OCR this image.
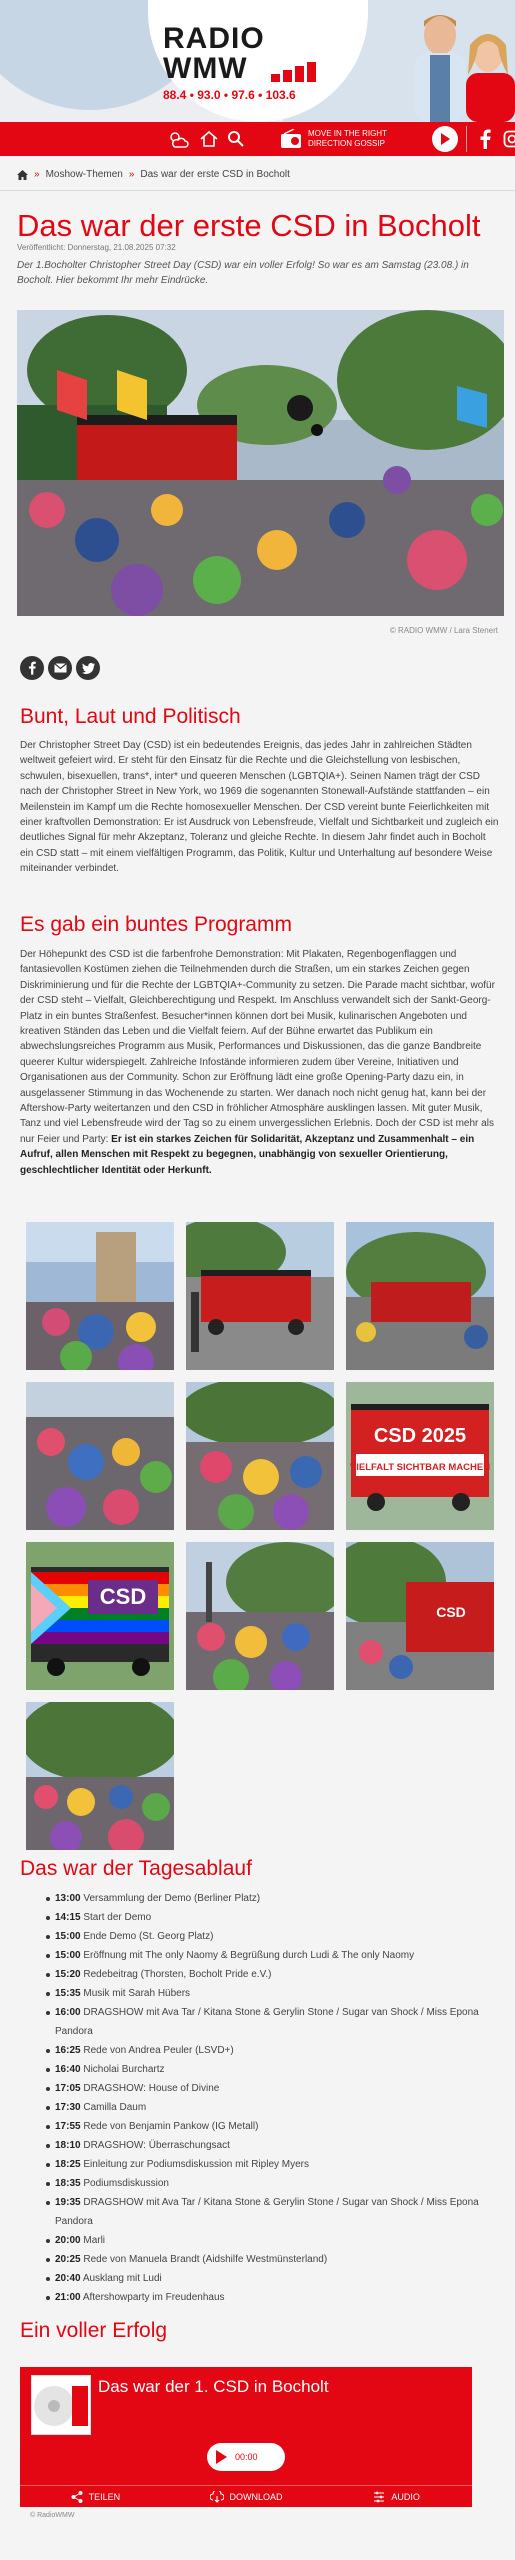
RADIO
WMW
88.4 • 93.0 • 97.6 • 103.6
MOVE IN THE RIGHT DIRECTION GOSSIP
» Moshow-Themen » Das war der erste CSD in Bocholt
Das war der erste CSD in Bocholt
Veröffentlicht: Donnerstag, 21.08.2025 07:32

Der 1.Bocholter Christopher Street Day (CSD) war ein voller Erfolg! So war es am Samstag (23.08.) in Bocholt. Hier bekommt Ihr mehr Eindrücke.

© RADIO WMW / Lara Stenert
Bunt, Laut und Politisch

Der Christopher Street Day (CSD) ist ein bedeutendes Ereignis, das jedes Jahr in zahlreichen Städten weltweit gefeiert wird. Er steht für den Einsatz für die Rechte und die Gleichstellung von lesbischen, schwulen, bisexuellen, trans*, inter* und queeren Menschen (LGBTQIA+). Seinen Namen trägt der CSD nach der Christopher Street in New York, wo 1969 die sogenannten Stonewall-Aufstände stattfanden – ein Meilenstein im Kampf um die Rechte homosexueller Menschen. Der CSD vereint bunte Feierlichkeiten mit einer kraftvollen Demonstration: Er ist Ausdruck von Lebensfreude, Vielfalt und Sichtbarkeit und zugleich ein deutliches Signal für mehr Akzeptanz, Toleranz und gleiche Rechte. In diesem Jahr findet auch in Bocholt ein CSD statt – mit einem vielfältigen Programm, das Politik, Kultur und Unterhaltung auf besondere Weise miteinander verbindet.

Es gab ein buntes Programm

Der Höhepunkt des CSD ist die farbenfrohe Demonstration: Mit Plakaten, Regenbogenflaggen und fantasievollen Kostümen ziehen die Teilnehmenden durch die Straßen, um ein starkes Zeichen gegen Diskriminierung und für die Rechte der LGBTQIA+-Community zu setzen. Die Parade macht sichtbar, wofür der CSD steht – Vielfalt, Gleichberechtigung und Respekt. Im Anschluss verwandelt sich der Sankt-Georg-Platz in ein buntes Straßenfest. Besucher*innen können dort bei Musik, kulinarischen Angeboten und kreativen Ständen das Leben und die Vielfalt feiern. Auf der Bühne erwartet das Publikum ein abwechslungsreiches Programm aus Musik, Performances und Diskussionen, das die ganze Bandbreite queerer Kultur widerspiegelt. Zahlreiche Infostände informieren zudem über Vereine, Initiativen und Organisationen aus der Community. Schon zur Eröffnung lädt eine große Opening-Party dazu ein, in ausgelassener Stimmung in das Wochenende zu starten. Wer danach noch nicht genug hat, kann bei der Aftershow-Party weitertanzen und den CSD in fröhlicher Atmosphäre ausklingen lassen. Mit guter Musik, Tanz und viel Lebensfreude wird der Tag so zu einem unvergesslichen Erlebnis. Doch der CSD ist mehr als nur Feier und Party: Er ist ein starkes Zeichen für Solidarität, Akzeptanz und Zusammenhalt – ein Aufruf, allen Menschen mit Respekt zu begegnen, unabhängig von sexueller Orientierung, geschlechtlicher Identität oder Herkunft.

CSD 2025
VIELFALT SICHTBAR MACHEN
CSD
CSD
Das war der Tagesablauf
13:00 Versammlung der Demo (Berliner Platz)
14:15 Start der Demo
15:00 Ende Demo (St. Georg Platz)
15:00 Eröffnung mit The only Naomy & Begrüßung durch Ludi & The only Naomy
15:20 Redebeitrag (Thorsten, Bocholt Pride e.V.)
15:35 Musik mit Sarah Hübers
16:00 DRAGSHOW mit Ava Tar / Kitana Stone & Gerylin Stone / Sugar van Shock / Miss Epona Pandora
16:25 Rede von Andrea Peuler (LSVD+)
16:40 Nicholai Burchartz
17:05 DRAGSHOW: House of Divine
17:30 Camilla Daum
17:55 Rede von Benjamin Pankow (IG Metall)
18:10 DRAGSHOW: Überraschungsact
18:25 Einleitung zur Podiumsdiskussion mit Ripley Myers
18:35 Podiumsdiskussion
19:35 DRAGSHOW mit Ava Tar / Kitana Stone & Gerylin Stone / Sugar van Shock / Miss Epona Pandora
20:00 Marli
20:25 Rede von Manuela Brandt (Aidshilfe Westmünsterland)
20:40 Ausklang mit Ludi
21:00 Aftershowparty im Freudenhaus
Ein voller Erfolg
Das war der 1. CSD in Bocholt
00:00
TEILEN	DOWNLOAD	AUDIO
© RadioWMW
